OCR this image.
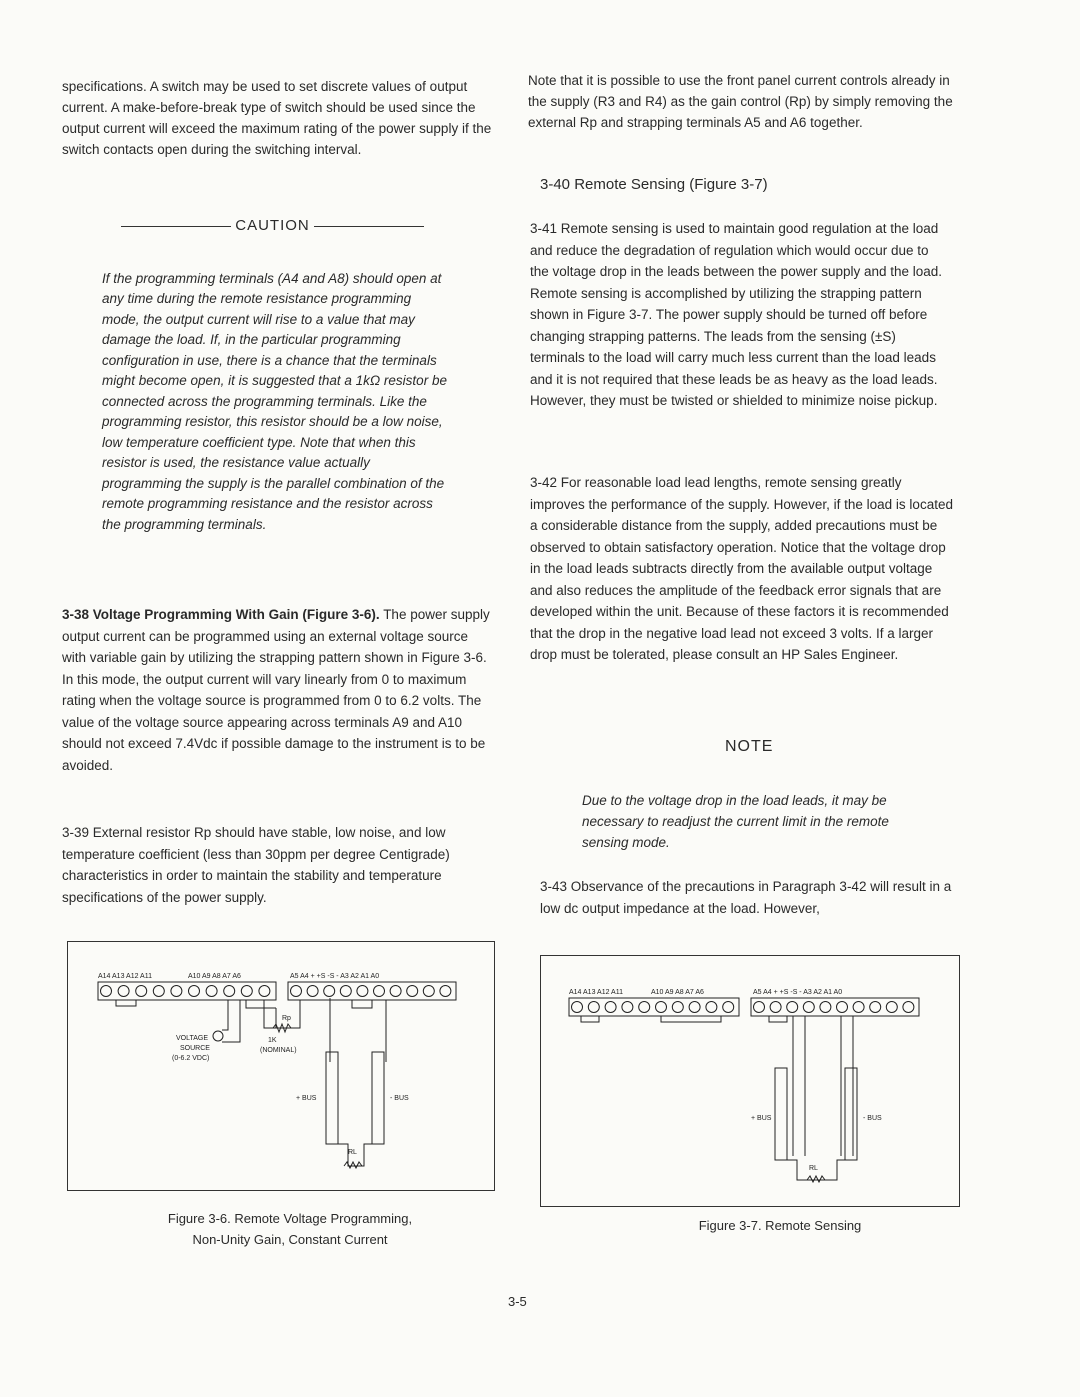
specifications. A switch may be used to set discrete values of output current. A make-before-break type of switch should be used since the output current will exceed the maximum rating of the power supply if the switch contacts open during the switching interval.

CAUTION

If the programming terminals (A4 and A8) should open at any time during the remote resistance programming mode, the output current will rise to a value that may damage the load. If, in the particular programming configuration in use, there is a chance that the terminals might become open, it is suggested that a 1kΩ resistor be connected across the programming terminals. Like the programming resistor, this resistor should be a low noise, low temperature coefficient type. Note that when this resistor is used, the resistance value actually programming the supply is the parallel combination of the remote programming resistance and the resistor across the programming terminals.

3-38 Voltage Programming With Gain (Figure 3-6). The power supply output current can be programmed using an external voltage source with variable gain by utilizing the strapping pattern shown in Figure 3-6. In this mode, the output current will vary linearly from 0 to maximum rating when the voltage source is programmed from 0 to 6.2 volts. The value of the voltage source appearing across terminals A9 and A10 should not exceed 7.4Vdc if possible damage to the instrument is to be avoided.

3-39 External resistor Rp should have stable, low noise, and low temperature coefficient (less than 30ppm per degree Centigrade) characteristics in order to maintain the stability and temperature specifications of the power supply.

Note that it is possible to use the front panel current controls already in the supply (R3 and R4) as the gain control (Rp) by simply removing the external Rp and strapping terminals A5 and A6 together.

3-40 Remote Sensing (Figure 3-7)

3-41 Remote sensing is used to maintain good regulation at the load and reduce the degradation of regulation which would occur due to the voltage drop in the leads between the power supply and the load. Remote sensing is accomplished by utilizing the strapping pattern shown in Figure 3-7. The power supply should be turned off before changing strapping patterns. The leads from the sensing (±S) terminals to the load will carry much less current than the load leads and it is not required that these leads be as heavy as the load leads. However, they must be twisted or shielded to minimize noise pickup.

3-42 For reasonable load lead lengths, remote sensing greatly improves the performance of the supply. However, if the load is located a considerable distance from the supply, added precautions must be observed to obtain satisfactory operation. Notice that the voltage drop in the load leads subtracts directly from the available output voltage and also reduces the amplitude of the feedback error signals that are developed within the unit. Because of these factors it is recommended that the drop in the negative load lead not exceed 3 volts. If a larger drop must be tolerated, please consult an HP Sales Engineer.

NOTE

Due to the voltage drop in the load leads, it may be necessary to readjust the current limit in the remote sensing mode.

3-43 Observance of the precautions in Paragraph 3-42 will result in a low dc output impedance at the load. However,

A14 A13 A12 A11	A10 A9 A8 A7 A6	A5 A4 + +S -S - A3 A2 A1 A0
Rp
1K
(NOMINAL)
VOLTAGE
SOURCE
(0-6.2 VDC)
+ BUS	- BUS
RL
Figure 3-6. Remote Voltage Programming,
Non-Unity Gain, Constant Current
A14 A13 A12 A11	A10 A9 A8 A7 A6	A5 A4 + +S -S - A3 A2 A1 A0
+ BUS	- BUS
RL
Figure 3-7. Remote Sensing
3-5
